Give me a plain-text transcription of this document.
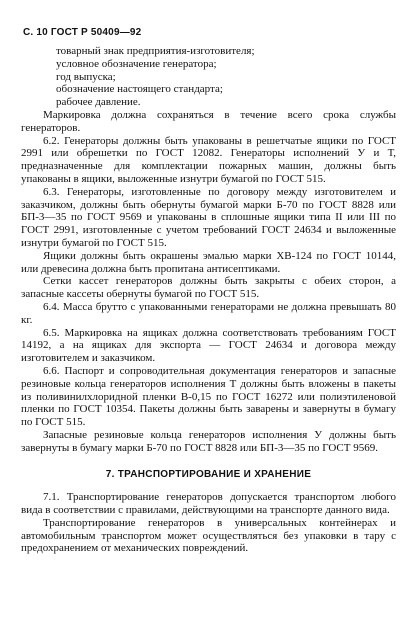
С. 10 ГОСТ Р 50409—92

товарный знак предприятия-изготовителя;

условное обозначение генератора;

год выпуска;

обозначение настоящего стандарта;

рабочее давление.

Маркировка должна сохраняться в течение всего срока службы генераторов.

6.2. Генераторы должны быть упакованы в решетчатые ящики по ГОСТ 2991 или обрешетки по ГОСТ 12082. Генераторы исполнений У и Т, предназначенные для комплектации пожарных машин, должны быть упакованы в ящики, выложенные изнутри бумагой по ГОСТ 515.

6.3. Генераторы, изготовленные по договору между изготовителем и заказчиком, должны быть обернуты бумагой марки Б-70 по ГОСТ 8828 или БП-3—35 по ГОСТ 9569 и упакованы в сплошные ящики типа II или III по ГОСТ 2991, изготовленные с учетом требований ГОСТ 24634 и выложенные изнутри бумагой по ГОСТ 515.

Ящики должны быть окрашены эмалью марки ХВ-124 по ГОСТ 10144, или древесина должна быть пропитана антисептиками.

Сетки кассет генераторов должны быть закрыты с обеих сторон, а запасные кассеты обернуты бумагой по ГОСТ 515.

6.4. Масса брутто с упакованными генераторами не должна превышать 80 кг.

6.5. Маркировка на ящиках должна соответствовать требованиям ГОСТ 14192, а на ящиках для экспорта — ГОСТ 24634 и договора между изготовителем и заказчиком.

6.6. Паспорт и сопроводительная документация генераторов и запасные резиновые кольца генераторов исполнения Т должны быть вложены в пакеты из поливинилхлоридной пленки В-0,15 по ГОСТ 16272 или полиэтиленовой пленки по ГОСТ 10354. Пакеты должны быть заварены и завернуты в бумагу по ГОСТ 515.

Запасные резиновые кольца генераторов исполнения У должны быть завернуты в бумагу марки Б-70 по ГОСТ 8828 или БП-3—35 по ГОСТ 9569.

7. ТРАНСПОРТИРОВАНИЕ И ХРАНЕНИЕ

7.1. Транспортирование генераторов допускается транспортом любого вида в соответствии с правилами, действующими на транспорте данного вида.

Транспортирование генераторов в универсальных контейнерах и автомобильным транспортом может осуществляться без упаковки в тару с предохранением от механических повреждений.
